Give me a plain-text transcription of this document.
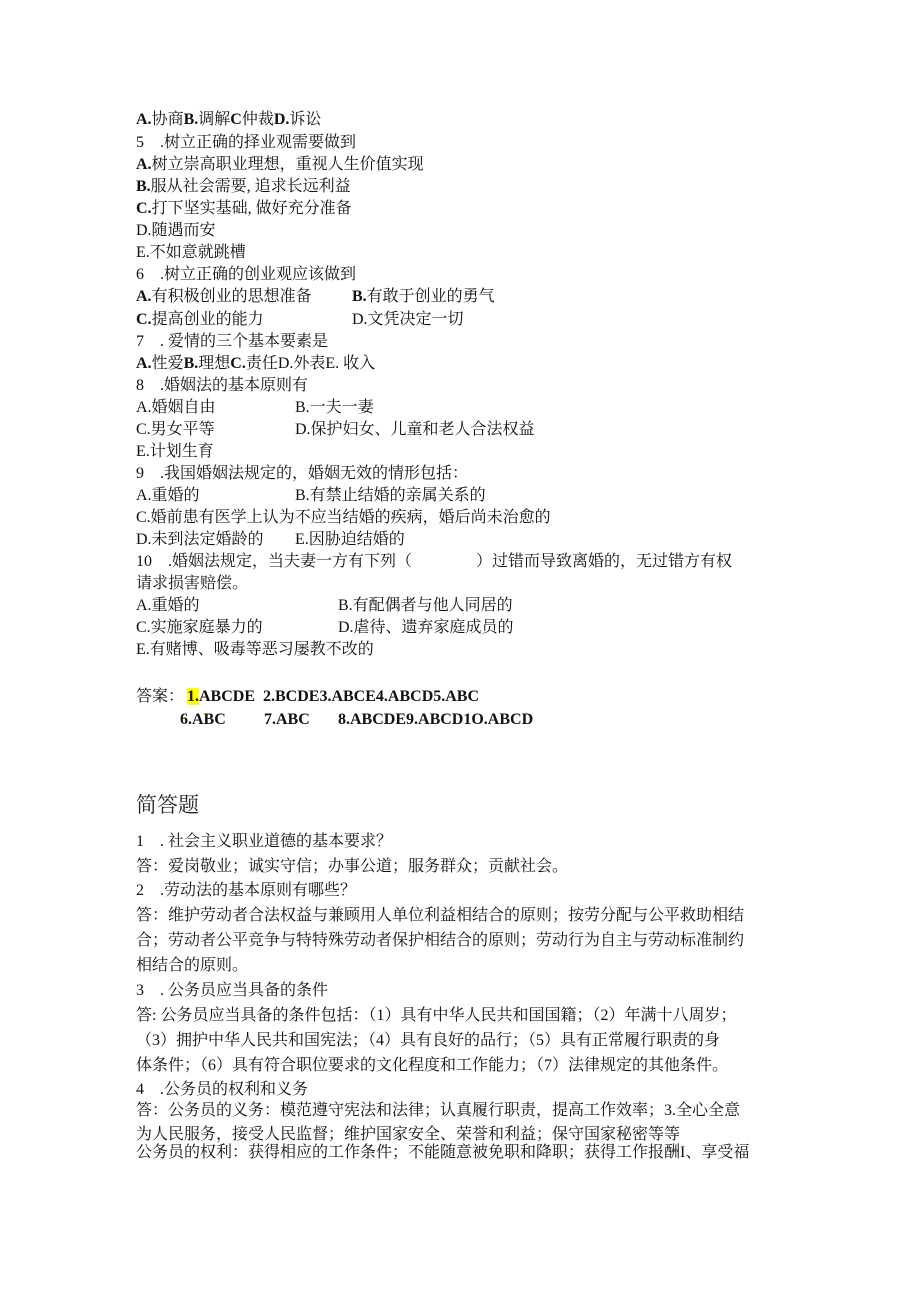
简答题
A.协商B.调解C仲裁D.诉讼
5　.树立正确的择业观需要做到
A.树立崇高职业理想，重视人生价值实现
B.服从社会需要, 追求长远利益
C.打下坚实基础, 做好充分准备
D.随遇而安
E.不如意就跳槽
6　.树立正确的创业观应该做到
A.有积极创业的思想准备	B.有敢于创业的勇气
C.提高创业的能力	D.文凭决定一切
7　. 爱情的三个基本要素是
A.性爱B.理想C.责任D.外表E. 收入
8　.婚姻法的基本原则有
A.婚姻自由	B.一夫一妻
C.男女平等	D.保护妇女、儿童和老人合法权益
E.计划生育
9　.我国婚姻法规定的，婚姻无效的情形包括：
A.重婚的	B.有禁止结婚的亲属关系的
C.婚前患有医学上认为不应当结婚的疾病，婚后尚未治愈的
D.未到法定婚龄的 E.因胁迫结婚的
10　.婚姻法规定，当夫妻一方有下列（　　　　）过错而导致离婚的，无过错方有权
请求损害赔偿。
A.重婚的	B.有配偶者与他人同居的
C.实施家庭暴力的	D.虐待、遗弃家庭成员的
E.有赌博、吸毒等恶习屡教不改的
答案： 1.ABCDE 2.BCDE3.ABCE4.ABCD5.ABC
6.ABC 7.ABC 8.ABCDE9.ABCD1O.ABCD
1　. 社会主义职业道德的基本要求？
答：爱岗敬业；诚实守信；办事公道；服务群众；贡献社会。
2　.劳动法的基本原则有哪些？
答：维护劳动者合法权益与兼顾用人单位利益相结合的原则；按劳分配与公平救助相结
合；劳动者公平竞争与特特殊劳动者保护相结合的原则；劳动行为自主与劳动标准制约
相结合的原则。
3　. 公务员应当具备的条件
答: 公务员应当具备的条件包括：（1）具有中华人民共和国国籍；（2）年满十八周岁；
（3）拥护中华人民共和国宪法；（4）具有良好的品行；（5）具有正常履行职责的身
体条件；（6）具有符合职位要求的文化程度和工作能力；（7）法律规定的其他条件。
4　.公务员的权利和义务
答：公务员的义务：模范遵守宪法和法律；认真履行职责，提高工作效率；3.全心全意
为人民服务，接受人民监督；维护国家安全、荣誉和利益；保守国家秘密等等
公务员的权利：获得相应的工作条件；不能随意被免职和降职；获得工作报酬I、享受福
